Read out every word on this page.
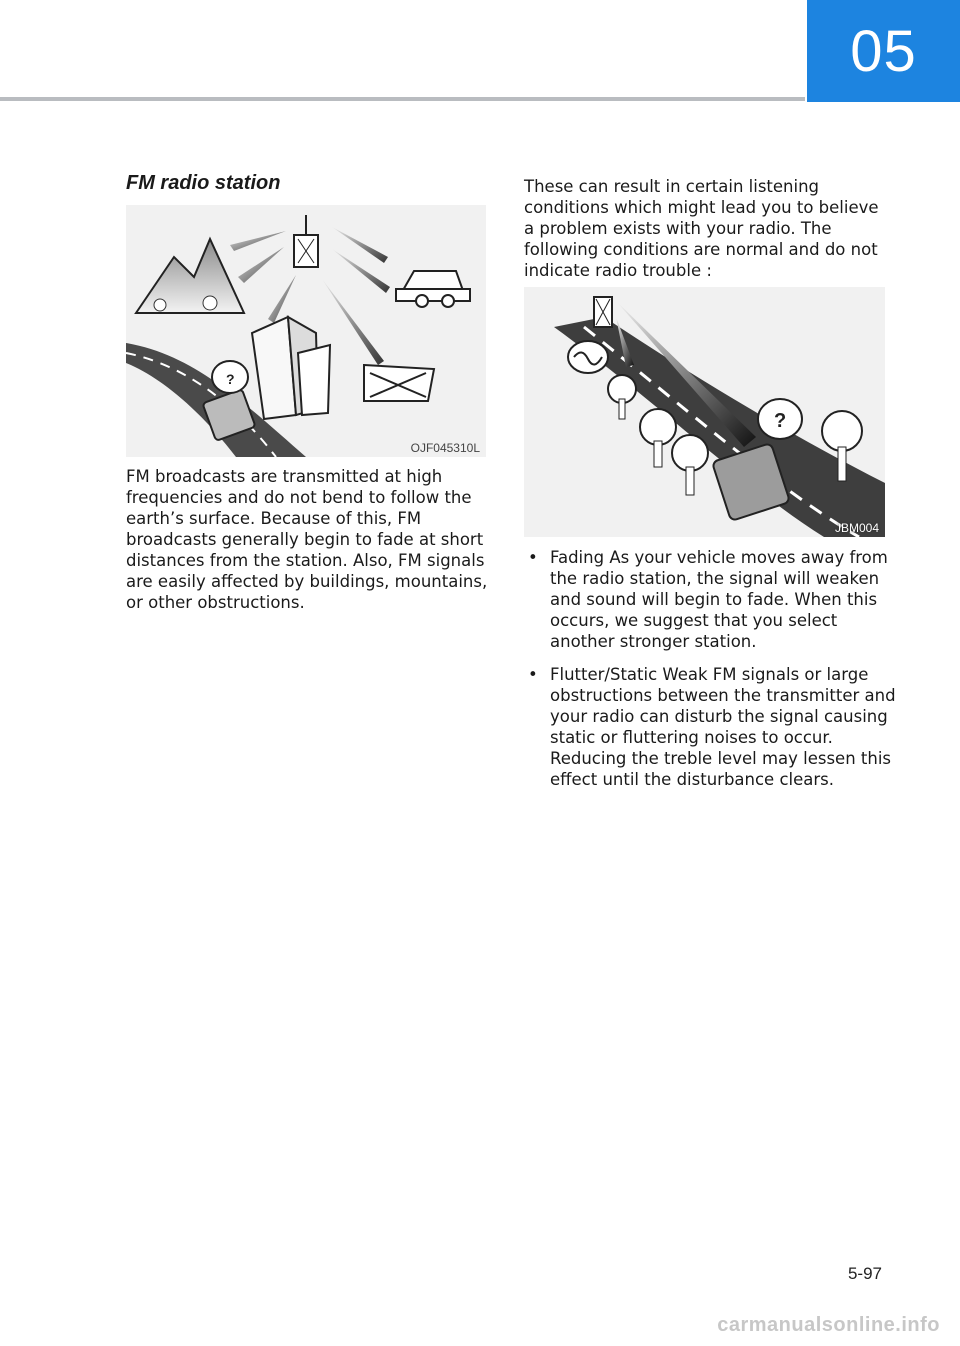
05
FM radio station
?
OJF045310L

FM broadcasts are transmitted at high frequencies and do not bend to follow the earth’s surface. Because of this, FM broadcasts generally begin to fade at short distances from the station. Also, FM signals are easily affected by buildings, mountains, or other obstructions.

These can result in certain listening conditions which might lead you to believe a problem exists with your radio. The following conditions are normal and do not indicate radio trouble :

?
JBM004
• Fading As your vehicle moves away from the radio station, the signal will weaken and sound will begin to fade. When this occurs, we suggest that you select another stronger station.
• Flutter/Static Weak FM signals or large obstructions between the transmitter and your radio can disturb the signal causing static or fluttering noises to occur. Reducing the treble level may lessen this effect until the disturbance clears.
5-97
carmanualsonline.info
